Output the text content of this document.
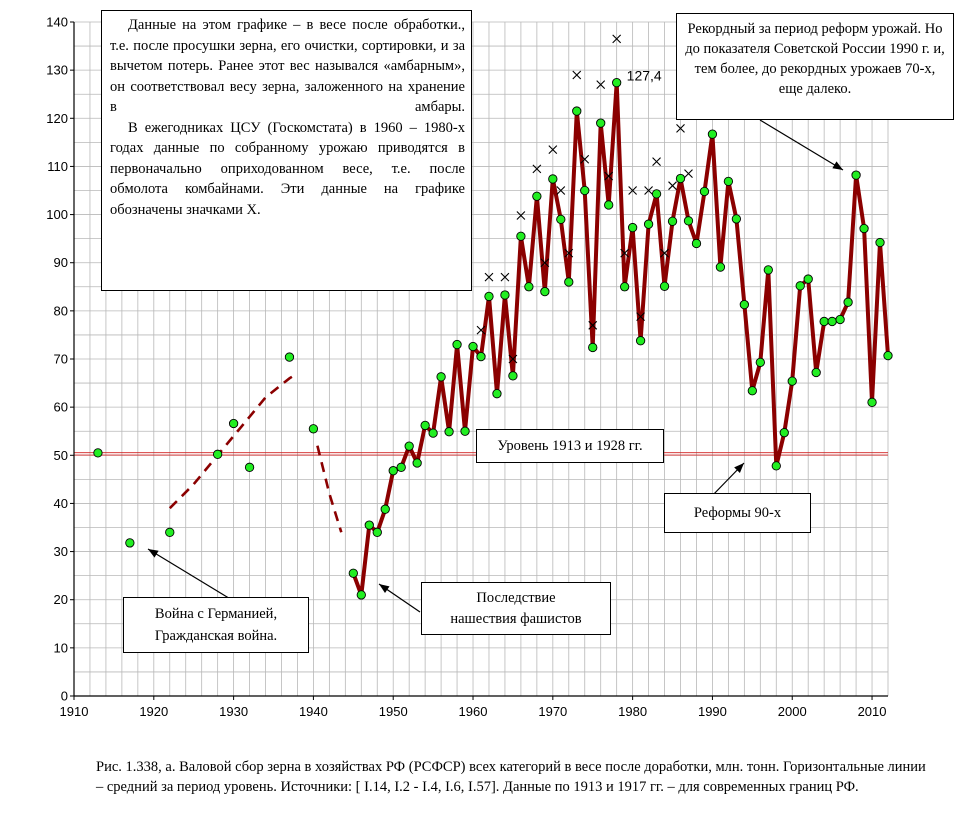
0
10
20
30
40
50
60
70
80
90
100
110
120
130
140
1910	1920	1930	1940	1950	1960	1970	1980	1990	2000	2010
127,4
Данные на этом графике – в весе после обработки., т.е. после просушки зерна, его очистки, сортировки, и за вычетом потерь. Ранее этот вес назывался «амбарным», он соответствовал весу зерна, заложенного на хранение в амбары.
В ежегодниках ЦСУ (Госкомстата) в 1960 – 1980-х годах данные по собранному урожаю приводятся в первоначально оприходованном весе, т.е. после обмолота комбайнами. Эти данные на графике обозначены значками X.
Рекордный за период реформ урожай. Но до показателя Советской России 1990 г. и, тем более, до рекордных урожаев 70-х, еще далеко.
Уровень 1913 и 1928 гг.
Реформы 90-х
Последствие
нашествия фашистов
Война с Германией,
Гражданская война.
Рис. 1.338, а. Валовой сбор зерна в хозяйствах РФ (РСФСР) всех категорий в весе после доработки, млн. тонн. Горизонтальные линии – средний за период уровень. Источники: [ I.14, I.2 - I.4, I.6, I.57]. Данные по 1913 и 1917 гг. – для современных границ РФ.
